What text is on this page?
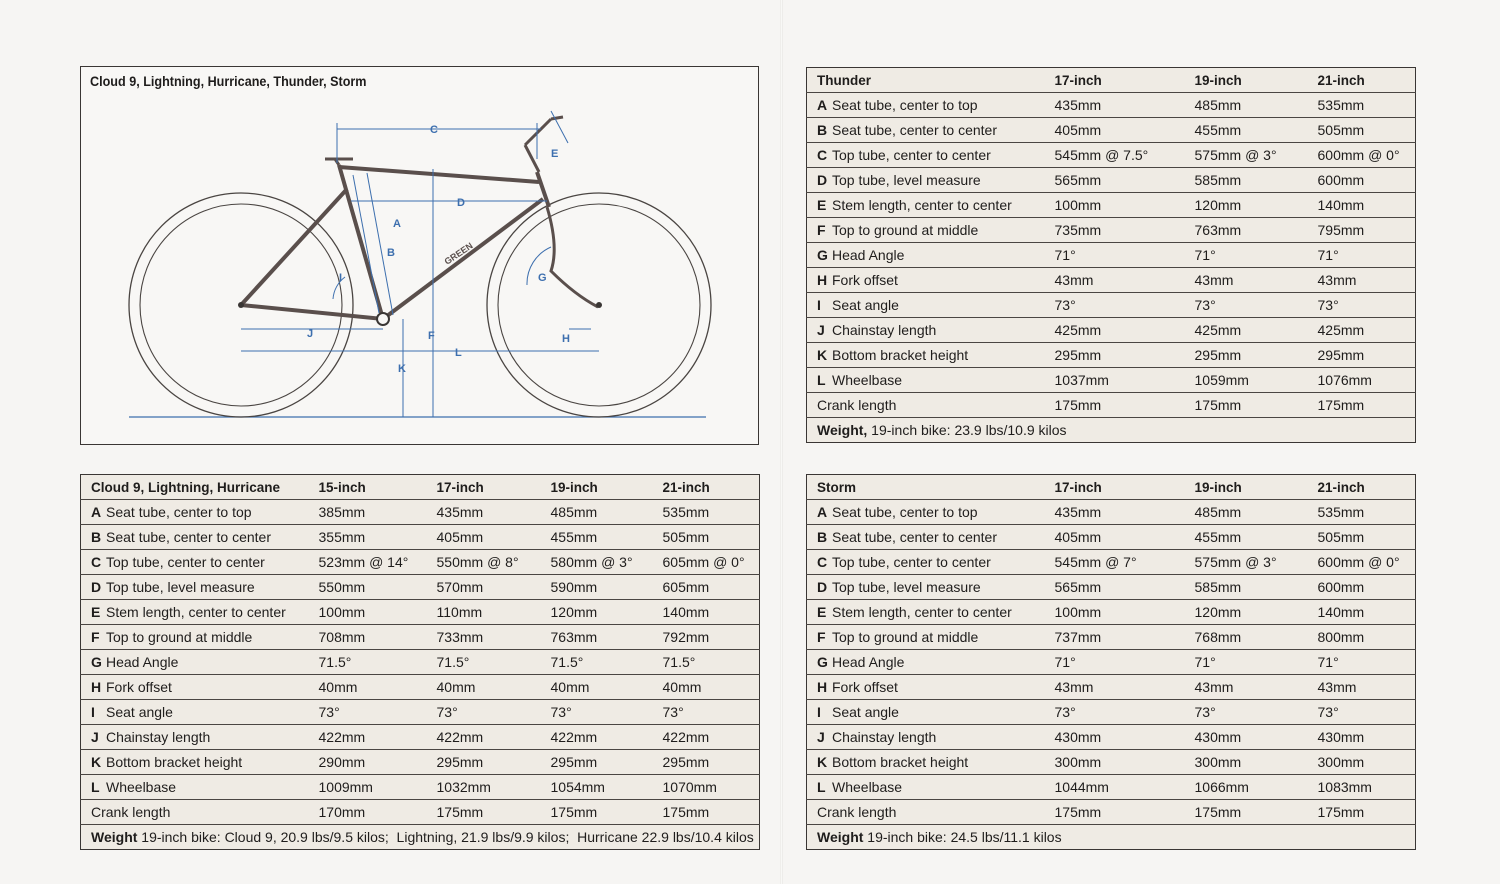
Cloud 9, Lightning, Hurricane, Thunder, Storm
GREEN
C
E
D
A
B
G
I
F
J	H
L
K
Thunder	17-inch	19-inch	21-inch
A Seat tube, center to top	435mm	485mm	535mm
B Seat tube, center to center	405mm	455mm	505mm
C Top tube, center to center	545mm @ 7.5°	575mm @ 3°	600mm @ 0°
D Top tube, level measure	565mm	585mm	600mm
E Stem length, center to center	100mm	120mm	140mm
F Top to ground at middle	735mm	763mm	795mm
G Head Angle	71°	71°	71°
H Fork offset	43mm	43mm	43mm
I Seat angle	73°	73°	73°
J Chainstay length	425mm	425mm	425mm
K Bottom bracket height	295mm	295mm	295mm
L Wheelbase	1037mm	1059mm	1076mm
Crank length	175mm	175mm	175mm
Weight, 19-inch bike: 23.9 lbs/10.9 kilos			
Cloud 9, Lightning, Hurricane	15-inch	17-inch	19-inch	21-inch
A Seat tube, center to top	385mm	435mm	485mm	535mm
B Seat tube, center to center	355mm	405mm	455mm	505mm
C Top tube, center to center	523mm @ 14°	550mm @ 8°	580mm @ 3°	605mm @ 0°
D Top tube, level measure	550mm	570mm	590mm	605mm
E Stem length, center to center	100mm	110mm	120mm	140mm
F Top to ground at middle	708mm	733mm	763mm	792mm
G Head Angle	71.5°	71.5°	71.5°	71.5°
H Fork offset	40mm	40mm	40mm	40mm
I Seat angle	73°	73°	73°	73°
J Chainstay length	422mm	422mm	422mm	422mm
K Bottom bracket height	290mm	295mm	295mm	295mm
L Wheelbase	1009mm	1032mm	1054mm	1070mm
Crank length	170mm	175mm	175mm	175mm
Weight 19-inch bike: Cloud 9, 20.9 lbs/9.5 kilos;  Lightning, 21.9 lbs/9.9 kilos;  Hurricane 22.9 lbs/10.4 kilos				
Storm	17-inch	19-inch	21-inch
A Seat tube, center to top	435mm	485mm	535mm
B Seat tube, center to center	405mm	455mm	505mm
C Top tube, center to center	545mm @ 7°	575mm @ 3°	600mm @ 0°
D Top tube, level measure	565mm	585mm	600mm
E Stem length, center to center	100mm	120mm	140mm
F Top to ground at middle	737mm	768mm	800mm
G Head Angle	71°	71°	71°
H Fork offset	43mm	43mm	43mm
I Seat angle	73°	73°	73°
J Chainstay length	430mm	430mm	430mm
K Bottom bracket height	300mm	300mm	300mm
L Wheelbase	1044mm	1066mm	1083mm
Crank length	175mm	175mm	175mm
Weight 19-inch bike: 24.5 lbs/11.1 kilos			
